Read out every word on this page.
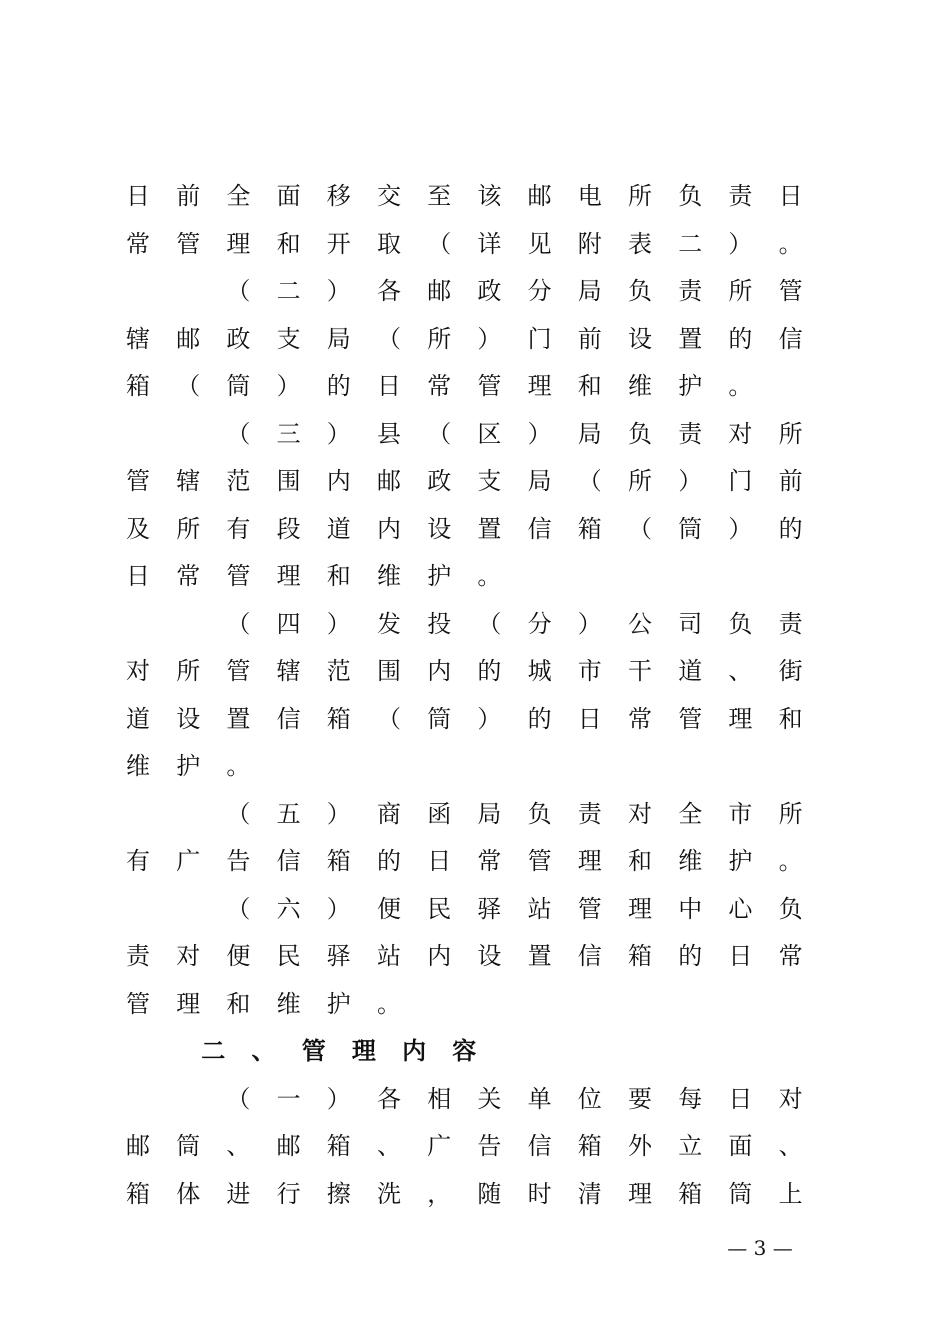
日 前 全 面 移 交 至 该 邮 电 所 负 责 日
常 管 理 和 开 取 （ 详 见 附 表 二 ） 。
（ 二 ） 各 邮 政 分 局 负 责 所 管
辖 邮 政 支 局 （ 所 ） 门 前 设 置 的 信
箱 （ 筒 ） 的 日 常 管 理 和 维 护 。
（ 三 ） 县 （ 区 ） 局 负 责 对 所
管 辖 范 围 内 邮 政 支 局 （ 所 ） 门 前
及 所 有 段 道 内 设 置 信 箱 （ 筒 ） 的
日 常 管 理 和 维 护 。
（ 四 ） 发 投 （ 分 ） 公 司 负 责
对 所 管 辖 范 围 内 的 城 市 干 道 、 街
道 设 置 信 箱 （ 筒 ） 的 日 常 管 理 和
维 护 。
（ 五 ） 商 函 局 负 责 对 全 市 所
有 广 告 信 箱 的 日 常 管 理 和 维 护 。
（ 六 ） 便 民 驿 站 管 理 中 心 负
责 对 便 民 驿 站 内 设 置 信 箱 的 日 常
管 理 和 维 护 。
二 、 管 理 内 容
（ 一 ） 各 相 关 单 位 要 每 日 对
邮 筒 、 邮 箱 、 广 告 信 箱 外 立 面 、
箱 体 进 行 擦 洗 ， 随 时 清 理 箱 筒 上
— 3 —
